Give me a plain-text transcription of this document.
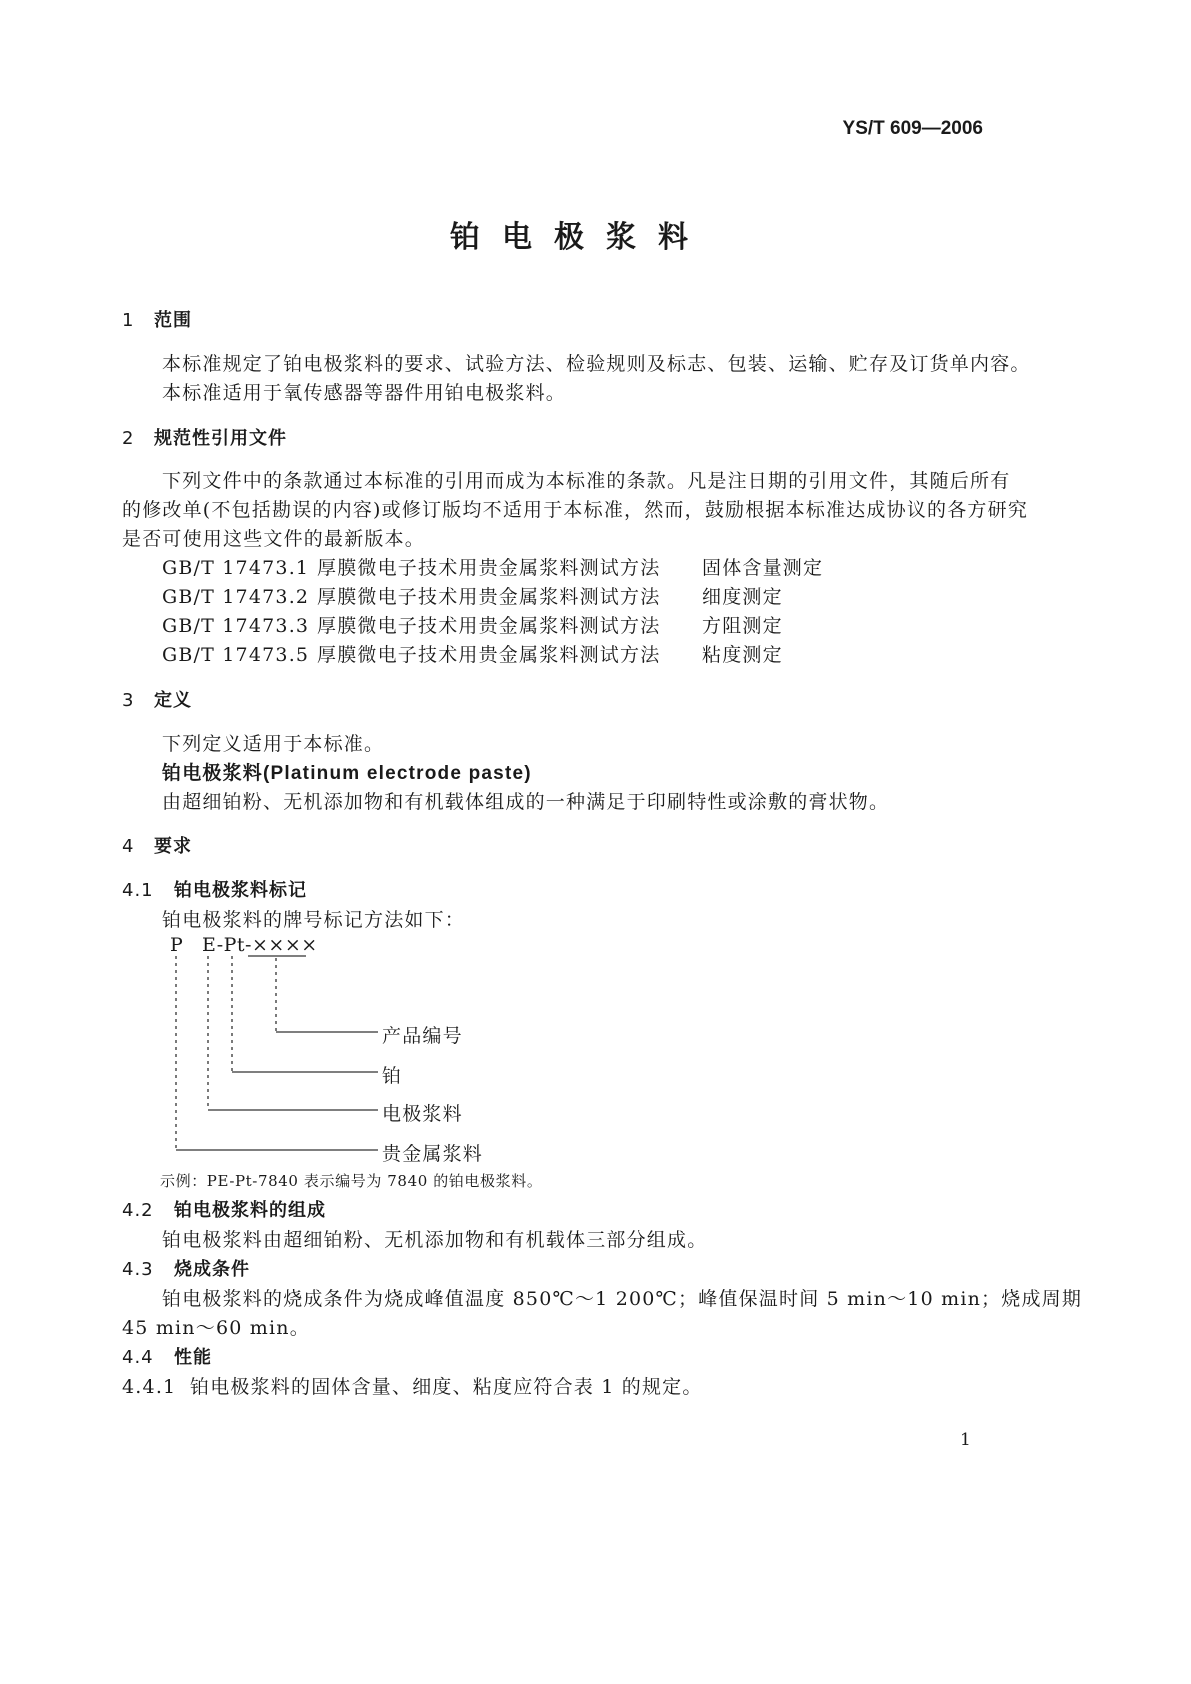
YS/T 609—2006
铂电极浆料
1 范围
本标准规定了铂电极浆料的要求、试验方法、检验规则及标志、包装、运输、贮存及订货单内容。
本标准适用于氧传感器等器件用铂电极浆料。
2 规范性引用文件
下列文件中的条款通过本标准的引用而成为本标准的条款。凡是注日期的引用文件，其随后所有
的修改单(不包括勘误的内容)或修订版均不适用于本标准，然而，鼓励根据本标准达成协议的各方研究
是否可使用这些文件的最新版本。
GB/T 17473.1 厚膜微电子技术用贵金属浆料测试方法 固体含量测定
GB/T 17473.2 厚膜微电子技术用贵金属浆料测试方法 细度测定
GB/T 17473.3 厚膜微电子技术用贵金属浆料测试方法 方阻测定
GB/T 17473.5 厚膜微电子技术用贵金属浆料测试方法 粘度测定
3 定义
下列定义适用于本标准。
铂电极浆料(Platinum electrode paste)
由超细铂粉、无机添加物和有机载体组成的一种满足于印刷特性或涂敷的膏状物。
4 要求
4.1 铂电极浆料标记
铂电极浆料的牌号标记方法如下：
P E-Pt-××××
产品编号
铂
电极浆料
贵金属浆料
示例：PE-Pt-7840 表示编号为 7840 的铂电极浆料。
4.2 铂电极浆料的组成
铂电极浆料由超细铂粉、无机添加物和有机载体三部分组成。
4.3 烧成条件
铂电极浆料的烧成条件为烧成峰值温度 850℃～1 200℃；峰值保温时间 5 min～10 min；烧成周期
45 min～60 min。
4.4 性能
4.4.1 铂电极浆料的固体含量、细度、粘度应符合表 1 的规定。
1
